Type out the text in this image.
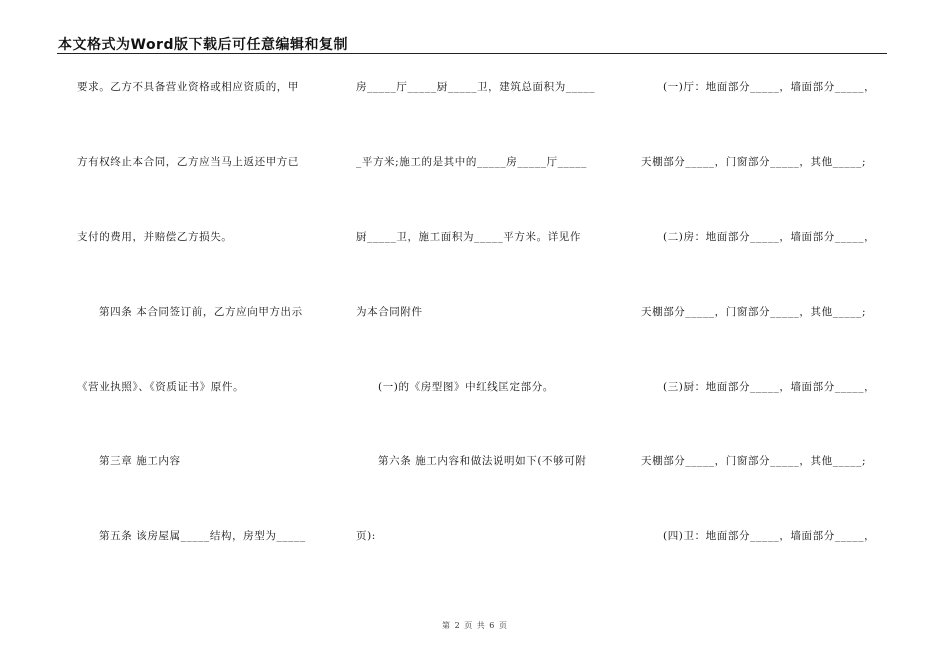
本文格式为Word版下载后可任意编辑和复制
要求。乙方不具备营业资格或相应资质的，甲
方有权终止本合同，乙方应当马上返还甲方已
支付的费用，并赔偿乙方损失。
第四条 本合同签订前，乙方应向甲方出示
《营业执照》、《资质证书》原件。
第三章 施工内容
第五条 该房屋属_____结构，房型为_____
房_____厅_____厨_____卫，建筑总面积为_____
_平方米;施工的是其中的_____房_____厅_____
厨_____卫，施工面积为_____平方米。详见作
为本合同附件
(一)的《房型图》中红线匡定部分。
第六条 施工内容和做法说明如下(不够可附
页):
(一)厅：地面部分_____，墙面部分_____，
天棚部分_____，门窗部分_____，其他_____;
(二)房：地面部分_____，墙面部分_____，
天棚部分_____，门窗部分_____，其他_____;
(三)厨：地面部分_____，墙面部分_____，
天棚部分_____，门窗部分_____，其他_____;
(四)卫：地面部分_____，墙面部分_____，
第 2 页 共 6 页
